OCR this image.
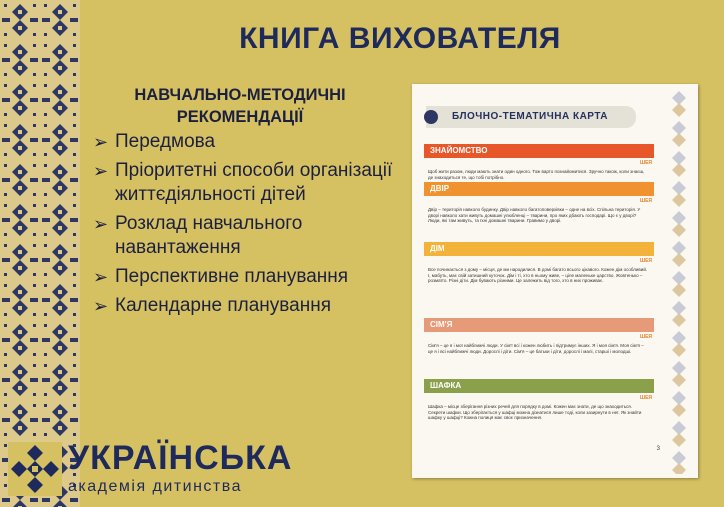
КНИГА ВИХОВАТЕЛЯ
НАВЧАЛЬНО-МЕТОДИЧНІ
РЕКОМЕНДАЦІЇ
➢ Передмова
➢ Пріоритетні способи організації життєдіяльності дітей
➢ Розклад навчального навантаження
➢ Перспективне планування
➢ Календарне планування
УКРАЇНСЬКА
академія дитинства
БЛОЧНО-ТЕМАТИЧНА КАРТА
ЗНАЙОМСТВО
ШЕЯ
Щоб жити разом, люди мають знати один одного. Тож варто познайомитися. Зручно також, коли знаєш, де знаходиться те, що тобі потрібно.
ДВІР
ШЕЯ
Двір – територія навколо будинку. Двір навколо багатоповерхівки – одне на всіх. Спільна територія. У дворі навколо хати живуть домашні улюбленці – тварини, про яких дбають господарі. Що є у дворі? Люди, які там живуть, та їхні домашні тварини. Гравимо у дворі.
ДІМ
ШЕЯ
Все починається з дому – місця, де ми народилися. В домі багато всього цікавого. Кожен дім особливий. І, мабуть, має свій затишний куточок. Дім і ті, хто в ньому живе, – ціле маленьке царство. Жовтенько – розмаїто. Різні діти. Дім бувають різними. Це залежить від того, хто в них проживає.
СІМ'Я
ШЕЯ
Сім'я – це я і мої найближчі люди. У сім'ї всі і кожен любить і підтримує інших. Я і моя сім'я. Моя сім'я – це я і всі найближчі люди. Дорослі і діти. Сім'я – це батьки і діти, дорослі і малі, старші і молодші.
ШАФКА
ШЕЯ
Шафка – місце зберігання різних речей для порядку в домі. Кожен має знати, де що знаходиться. Секрети шафки. Що зберігається у шафці можна дізнатися лише тоді, коли зазирнути в неї. Як знайти шафку у шафці? Кожна полиця має своє призначення.
3
